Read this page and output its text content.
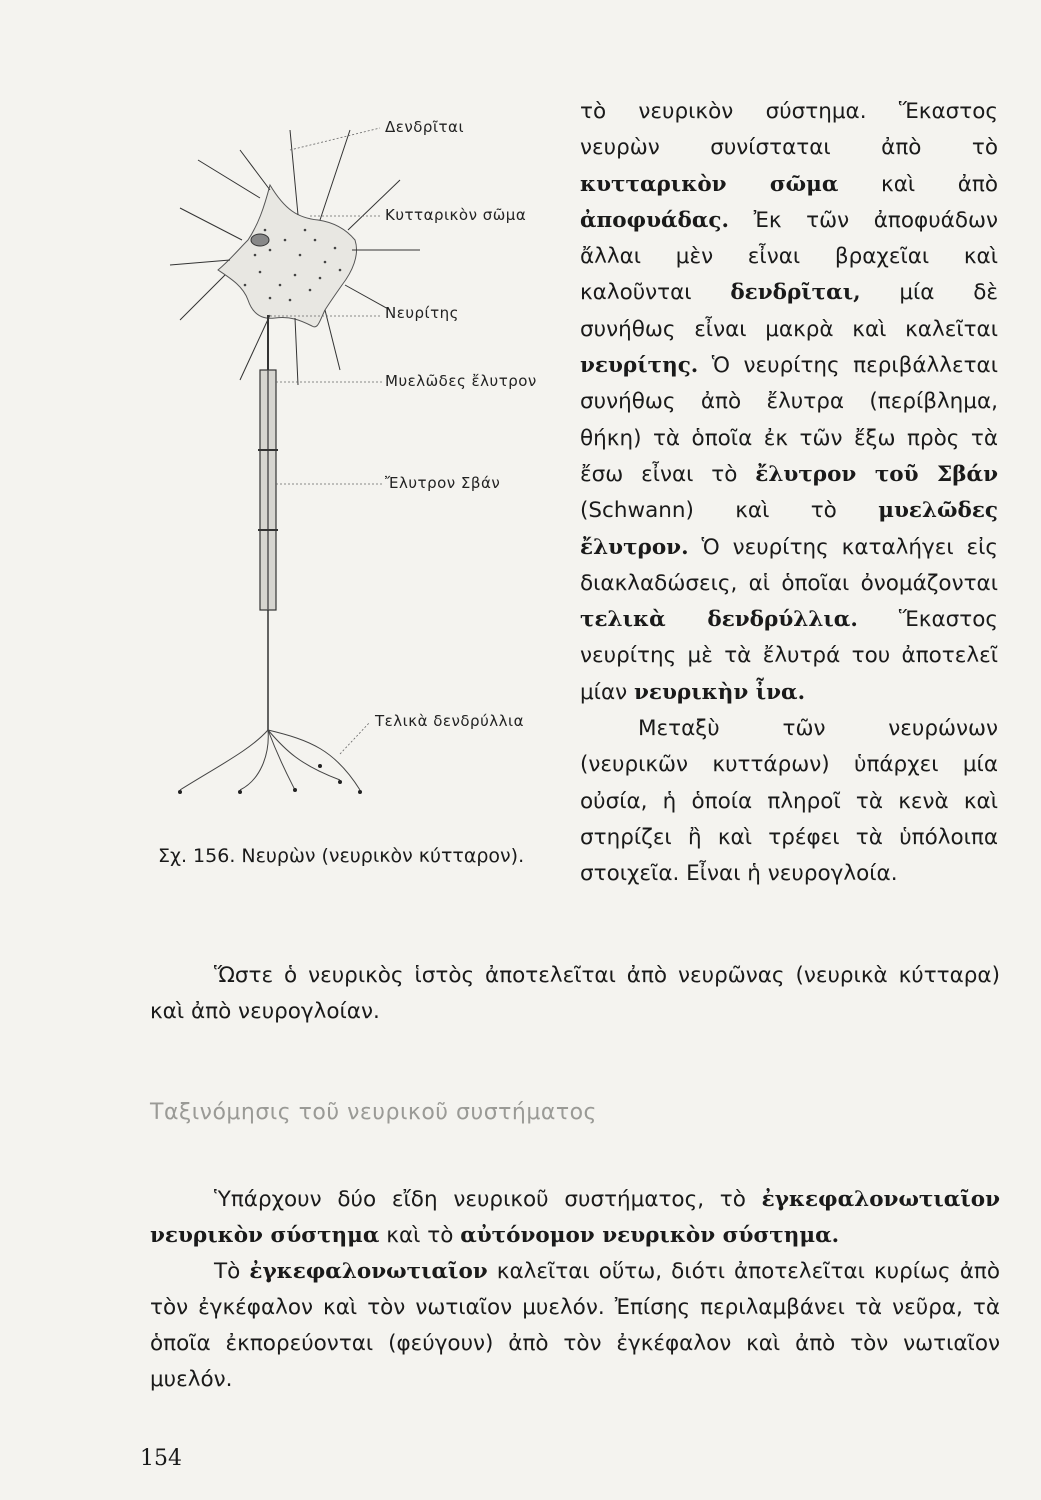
Δενδρῖται
Κυτταρικὸν σῶμα
Νευρίτης
Μυελῶδες ἔλυτρον
Ἔλυτρον Σβάν
Τελικὰ δενδρύλλια
Σχ. 156. Νευρὼν (νευρικὸν κύτταρον).

τὸ νευρικὸν σύστημα. Ἕκαστος νευρὼν συνίσταται ἀπὸ τὸ κυτταρικὸν σῶμα καὶ ἀπὸ ἀποφυάδας. Ἐκ τῶν ἀποφυάδων ἄλλαι μὲν εἶναι βραχεῖαι καὶ καλοῦνται δενδρῖται, μία δὲ συνήθως εἶναι μακρὰ καὶ καλεῖται νευρίτης. Ὁ νευρίτης περιβάλλεται συνήθως ἀπὸ ἔλυτρα (περίβλημα, θήκη) τὰ ὁποῖα ἐκ τῶν ἔξω πρὸς τὰ ἔσω εἶναι τὸ ἔλυτρον τοῦ Σβάν (Schwann) καὶ τὸ μυελῶδες ἔλυτρον. Ὁ νευρίτης καταλήγει εἰς διακλαδώσεις, αἱ ὁποῖαι ὀνομάζονται τελικὰ δενδρύλλια. Ἕκαστος νευρίτης μὲ τὰ ἔλυτρά του ἀποτελεῖ μίαν νευρικὴν ἶνα.

Μεταξὺ τῶν νευρώνων (νευρικῶν κυττάρων) ὑπάρχει μία οὐσία, ἡ ὁποία πληροῖ τὰ κενὰ καὶ στηρίζει ἢ καὶ τρέφει τὰ ὑπόλοιπα στοιχεῖα. Εἶναι ἡ νευρογλοία.

Ὥστε ὁ νευρικὸς ἱστὸς ἀποτελεῖται ἀπὸ νευρῶνας (νευρικὰ κύτταρα) καὶ ἀπὸ νευρογλοίαν.

Ταξινόμησις τοῦ νευρικοῦ συστήματος

Ὑπάρχουν δύο εἴδη νευρικοῦ συστήματος, τὸ ἐγκεφαλονωτιαῖον νευρικὸν σύστημα καὶ τὸ αὐτόνομον νευρικὸν σύστημα.

Τὸ ἐγκεφαλονωτιαῖον καλεῖται οὕτω, διότι ἀποτελεῖται κυρίως ἀπὸ τὸν ἐγκέφαλον καὶ τὸν νωτιαῖον μυελόν. Ἐπίσης περιλαμβάνει τὰ νεῦρα, τὰ ὁποῖα ἐκπορεύονται (φεύγουν) ἀπὸ τὸν ἐγκέφαλον καὶ ἀπὸ τὸν νωτιαῖον μυελόν.

154
